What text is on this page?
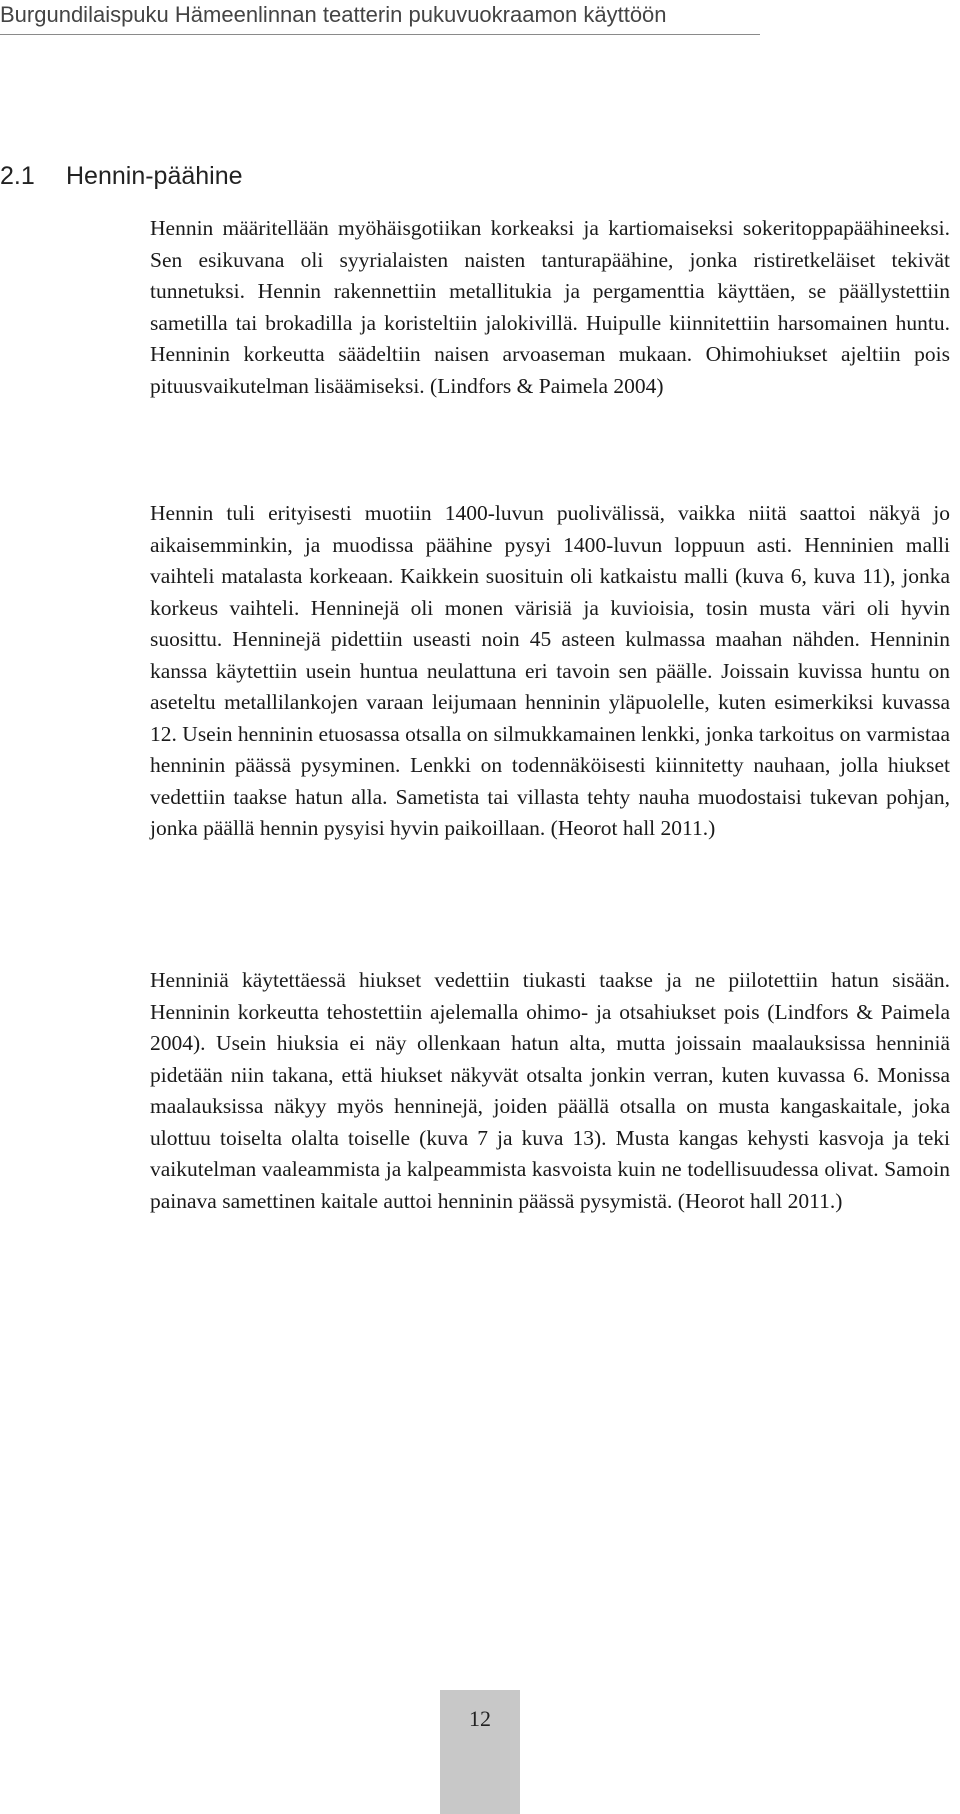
Burgundilaispuku Hämeenlinnan teatterin pukuvuokraamon käyttöön
2.1 Hennin-päähine

Hennin määritellään myöhäisgotiikan korkeaksi ja kartiomaiseksi sokeritoppapäähineeksi. Sen esikuvana oli syyrialaisten naisten tanturapäähine, jonka ristiretkeläiset tekivät tunnetuksi. Hennin rakennettiin metallitukia ja pergamenttia käyttäen, se päällystettiin sametilla tai brokadilla ja koristeltiin jalokivillä. Huipulle kiinnitettiin harsomainen huntu. Henninin korkeutta säädeltiin naisen arvoaseman mukaan. Ohimohiukset ajeltiin pois pituusvaikutelman lisäämiseksi. (Lindfors & Paimela 2004)

Hennin tuli erityisesti muotiin 1400-luvun puolivälissä, vaikka niitä saattoi näkyä jo aikaisemminkin, ja muodissa päähine pysyi 1400-luvun loppuun asti. Henninien malli vaihteli matalasta korkeaan. Kaikkein suosituin oli katkaistu malli (kuva 6, kuva 11), jonka korkeus vaihteli. Henninejä oli monen värisiä ja kuvioisia, tosin musta väri oli hyvin suosittu. Henninejä pidettiin useasti noin 45 asteen kulmassa maahan nähden. Henninin kanssa käytettiin usein huntua neulattuna eri tavoin sen päälle. Joissain kuvissa huntu on aseteltu metallilankojen varaan leijumaan henninin yläpuolelle, kuten esimerkiksi kuvassa 12. Usein henninin etuosassa otsalla on silmukkamainen lenkki, jonka tarkoitus on varmistaa henninin päässä pysyminen. Lenkki on todennäköisesti kiinnitetty nauhaan, jolla hiukset vedettiin taakse hatun alla. Sametista tai villasta tehty nauha muodostaisi tukevan pohjan, jonka päällä hennin pysyisi hyvin paikoillaan. (Heorot hall 2011.)

Henniniä käytettäessä hiukset vedettiin tiukasti taakse ja ne piilotettiin hatun sisään. Henninin korkeutta tehostettiin ajelemalla ohimo- ja otsahiukset pois (Lindfors & Paimela 2004). Usein hiuksia ei näy ollenkaan hatun alta, mutta joissain maalauksissa henniniä pidetään niin takana, että hiukset näkyvät otsalta jonkin verran, kuten kuvassa 6. Monissa maalauksissa näkyy myös henninejä, joiden päällä otsalla on musta kangaskaitale, joka ulottuu toiselta olalta toiselle (kuva 7 ja kuva 13). Musta kangas kehysti kasvoja ja teki vaikutelman vaaleammista ja kalpeammista kasvoista kuin ne todellisuudessa olivat. Samoin painava samettinen kaitale auttoi henninin päässä pysymistä. (Heorot hall 2011.)

12
